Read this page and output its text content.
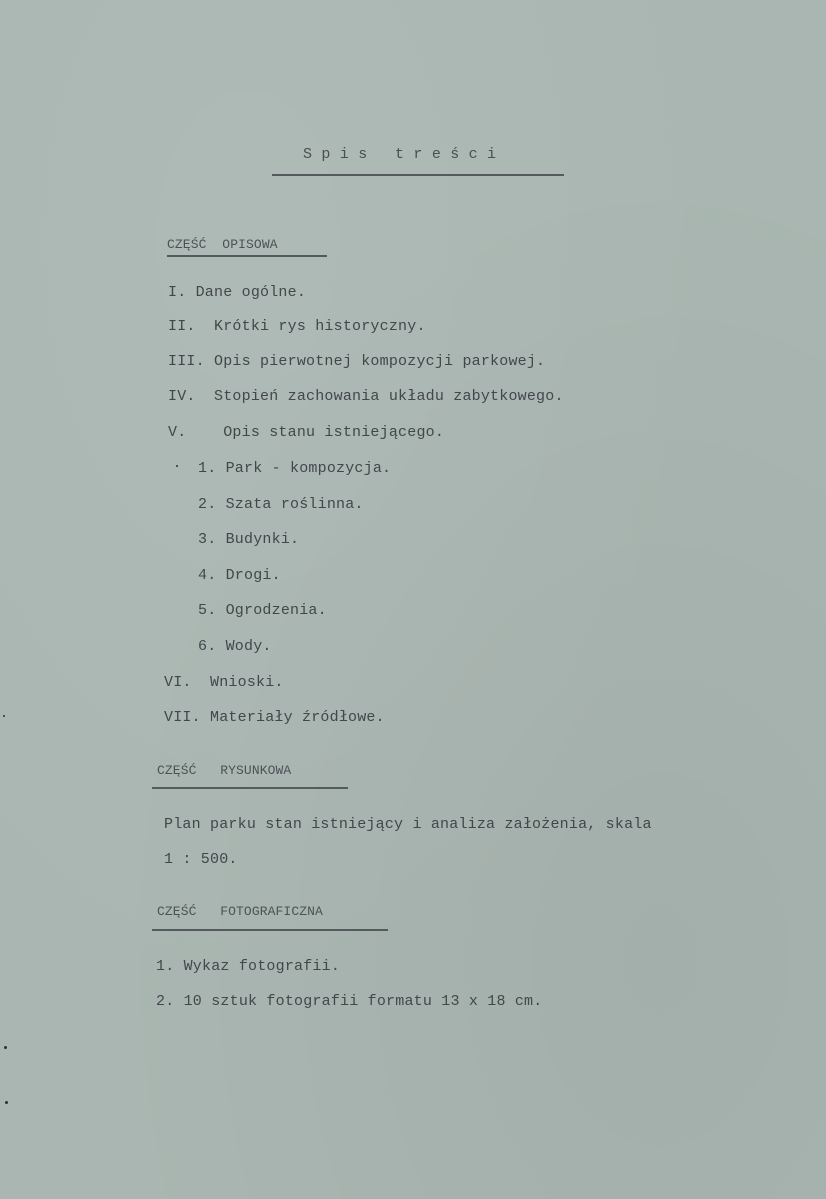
S p i s   t r e ś c i
CZĘŚĆ  OPISOWA
I. Dane ogólne.
II.  Krótki rys historyczny.
III. Opis pierwotnej kompozycji parkowej.
IV.  Stopień zachowania układu zabytkowego.
V.    Opis stanu istniejącego.
1. Park - kompozycja.
2. Szata roślinna.
3. Budynki.
4. Drogi.
5. Ogrodzenia.
6. Wody.
VI.  Wnioski.
VII. Materiały źródłowe.
CZĘŚĆ   RYSUNKOWA
Plan parku stan istniejący i analiza założenia, skala
1 : 500.
CZĘŚĆ   FOTOGRAFICZNA
1. Wykaz fotografii.
2. 10 sztuk fotografii formatu 13 x 18 cm.
